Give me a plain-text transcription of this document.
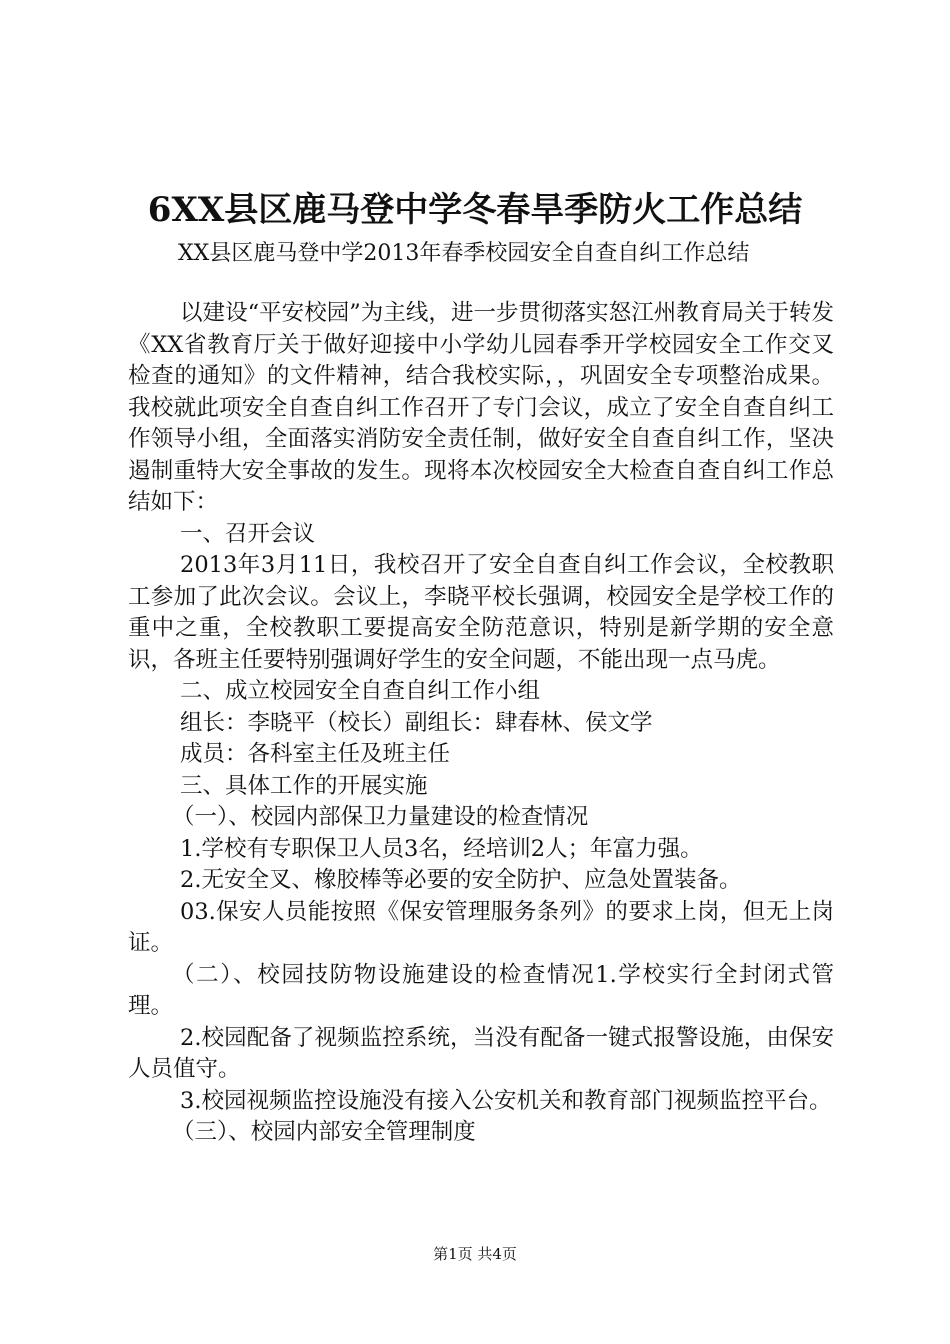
6XX县区鹿马登中学冬春旱季防火工作总结
XX县区鹿马登中学2013年春季校园安全自查自纠工作总结

以建设“平安校园”为主线，进一步贯彻落实怒江州教育局关于转发《XX省教育厅关于做好迎接中小学幼儿园春季开学校园安全工作交叉检查的通知》的文件精神，结合我校实际，，巩固安全专项整治成果。我校就此项安全自查自纠工作召开了专门会议，成立了安全自查自纠工作领导小组，全面落实消防安全责任制，做好安全自查自纠工作，坚决遏制重特大安全事故的发生。现将本次校园安全大检查自查自纠工作总结如下：

一、召开会议

2013年3月11日，我校召开了安全自查自纠工作会议，全校教职工参加了此次会议。会议上，李晓平校长强调，校园安全是学校工作的重中之重，全校教职工要提高安全防范意识，特别是新学期的安全意识，各班主任要特别强调好学生的安全问题，不能出现一点马虎。

二、成立校园安全自查自纠工作小组

组长：李晓平（校长）副组长：肆春林、侯文学

成员：各科室主任及班主任

三、具体工作的开展实施

（一）、校园内部保卫力量建设的检查情况

1.学校有专职保卫人员3名，经培训2人；年富力强。

2.无安全叉、橡胶棒等必要的安全防护、应急处置装备。

03.保安人员能按照《保安管理服务条列》的要求上岗，但无上岗证。

（二）、校园技防物设施建设的检查情况1.学校实行全封闭式管理。

2.校园配备了视频监控系统，当没有配备一键式报警设施，由保安人员值守。

3.校园视频监控设施没有接入公安机关和教育部门视频监控平台。

（三）、校园内部安全管理制度

第1页 共4页
